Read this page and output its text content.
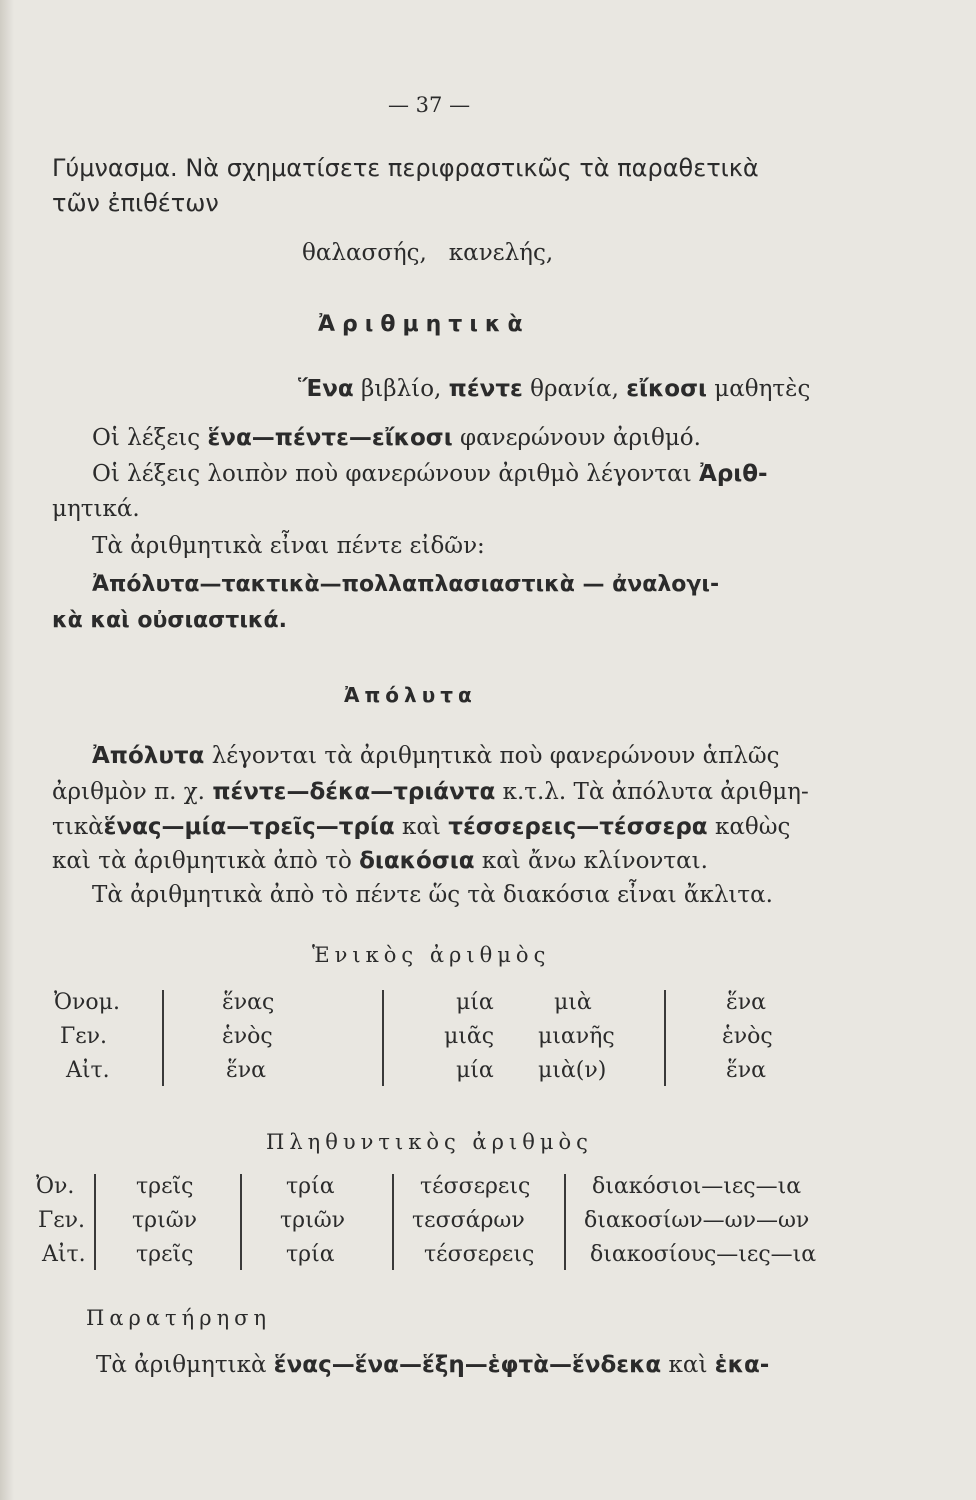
— 37 —
Γύμνασμα. Νὰ σχηματίσετε περιφραστικῶς τὰ παραθετικὰ
τῶν ἐπιθέτων
θαλασσής,   κανελής,
Ἀριθμητικὰ
Ἕνα βιβλίο, πέντε θρανία, εἴκοσι μαθητὲς
Οἱ λέξεις ἕνα—πέντε—εἴκοσι φανερώνουν ἀριθμό.
Οἱ λέξεις λοιπὸν ποὺ φανερώνουν ἀριθμὸ λέγονται Ἀριθ-
μητικά.
Τὰ ἀριθμητικὰ εἶναι πέντε εἰδῶν:
Ἀπόλυτα—τακτικὰ—πολλαπλασιαστικὰ — ἀναλογι-
κὰ καὶ οὐσιαστικά.
Ἀπόλυτα
Ἀπόλυτα λέγονται τὰ ἀριθμητικὰ ποὺ φανερώνουν ἁπλῶς
ἀριθμὸν π. χ. πέντε—δέκα—τριάντα κ.τ.λ. Τὰ ἀπόλυτα ἀριθμη-
τικὰἕνας—μία—τρεῖς—τρία καὶ τέσσερεις—τέσσερα καθὼς
καὶ τὰ ἀριθμητικὰ ἀπὸ τὸ διακόσια καὶ ἄνω κλίνονται.
Τὰ ἀριθμητικὰ ἀπὸ τὸ πέντε ὥς τὰ διακόσια εἶναι ἄκλιτα.
Ἑνικὸς ἀριθμὸς
Ὀνομ.
Γεν.
Αἰτ.
ἕνας
ἑνὸς
ἕνα
μία
μιᾶς
μία
μιὰ
μιανῆς
μιὰ(ν)
ἕνα
ἑνὸς
ἕνα
Πληθυντικὸς ἀριθμὸς
Ὀν.
Γεν.
Αἰτ.
τρεῖς
τριῶν
τρεῖς
τρία
τριῶν
τρία
τέσσερεις
τεσσάρων
τέσσερεις
διακόσιοι—ιες—ια
διακοσίων—ων—ων
διακοσίους—ιες—ια
Παρατήρηση
Τὰ ἀριθμητικὰ ἕνας—ἕνα—ἕξη—ἑφτὰ—ἕνδεκα καὶ ἑκα-
